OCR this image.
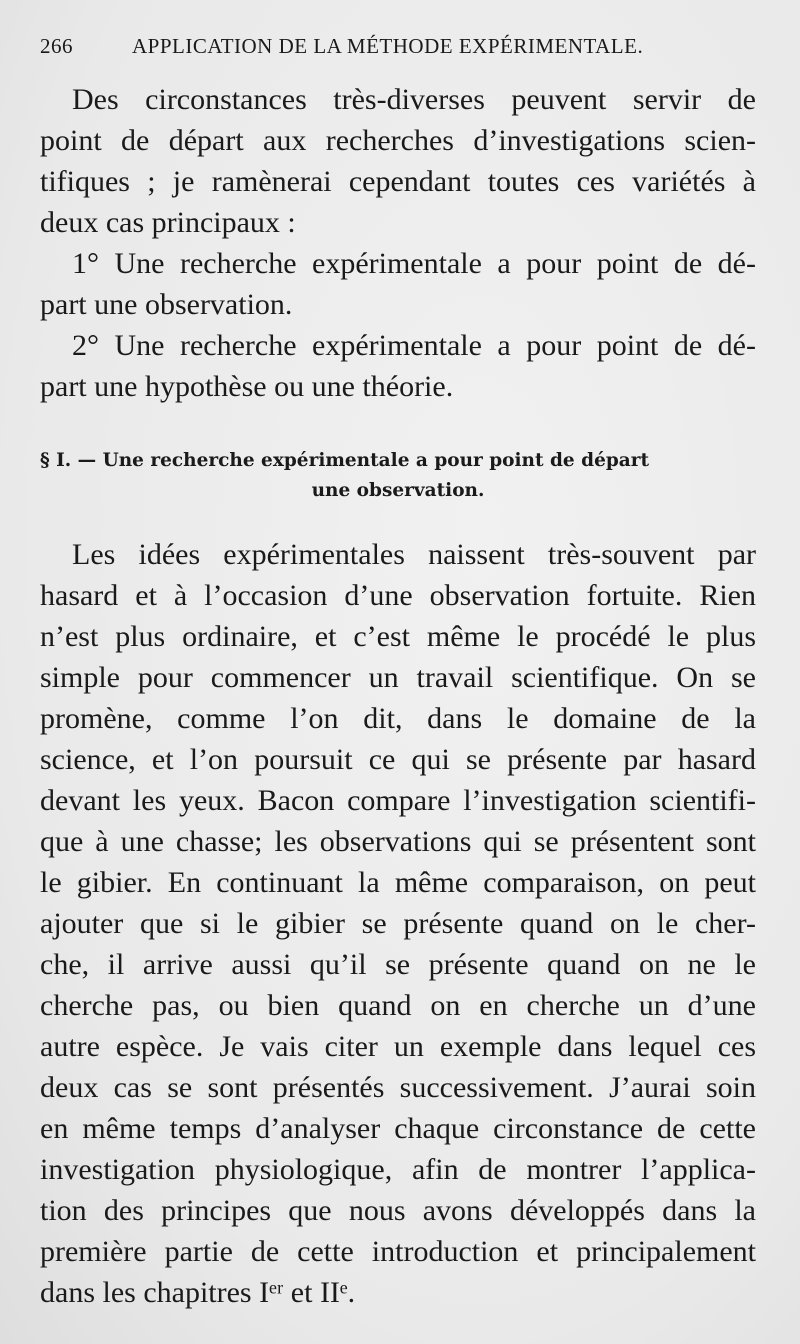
266	APPLICATION DE LA MÉTHODE EXPÉRIMENTALE.
Des circonstances très-diverses peuvent servir de
point de départ aux recherches d’investigations scien-
tifiques ; je ramènerai cependant toutes ces variétés à
deux cas principaux :
1° Une recherche expérimentale a pour point de dé-
part une observation.
2° Une recherche expérimentale a pour point de dé-
part une hypothèse ou une théorie.
§ I. — Une recherche expérimentale a pour point de départ
une observation.
Les idées expérimentales naissent très-souvent par
hasard et à l’occasion d’une observation fortuite. Rien
n’est plus ordinaire, et c’est même le procédé le plus
simple pour commencer un travail scientifique. On se
promène, comme l’on dit, dans le domaine de la
science, et l’on poursuit ce qui se présente par hasard
devant les yeux. Bacon compare l’investigation scientifi-
que à une chasse; les observations qui se présentent sont
le gibier. En continuant la même comparaison, on peut
ajouter que si le gibier se présente quand on le cher-
che, il arrive aussi qu’il se présente quand on ne le
cherche pas, ou bien quand on en cherche un d’une
autre espèce. Je vais citer un exemple dans lequel ces
deux cas se sont présentés successivement. J’aurai soin
en même temps d’analyser chaque circonstance de cette
investigation physiologique, afin de montrer l’applica-
tion des principes que nous avons développés dans la
première partie de cette introduction et principalement
dans les chapitres Iᵉʳ et IIᵉ.
